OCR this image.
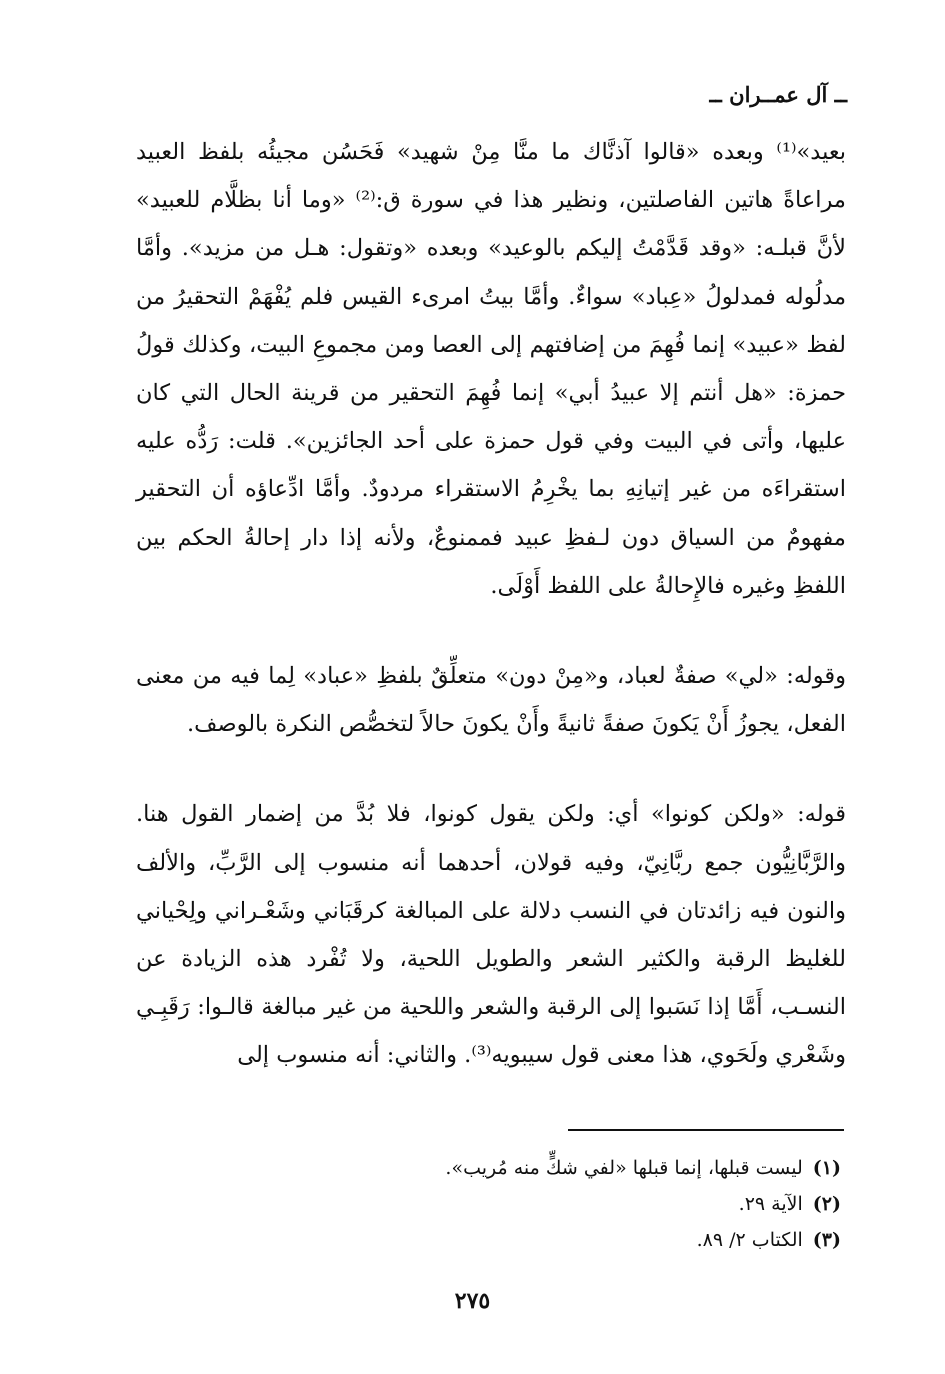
ــ آل عمــران ــ

بعيد»⁽¹⁾ وبعده «قالوا آذنَّاك ما منَّا مِنْ شهيد» فَحَسُن مجيئُه بلفظ العبيد مراعاةً هاتين الفاصلتين، ونظير هذا في سورة ق:⁽²⁾ «وما أنا بظلَّام للعبيد» لأنَّ قبلـه: «وقد قَدَّمْتُ إليكم بالوعيد» وبعده «وتقول: هـل من مزيد». وأمَّا مدلُوله فمدلولُ «عِباد» سواءٌ. وأمَّا بيتُ امرىء القيس فلم يُفْهَمْ التحقيرُ من لفظ «عبيد» إنما فُهِمَ من إضافتهم إلى العصا ومن مجموعِ البيت، وكذلك قولُ حمزة: «هل أنتم إلا عبيدُ أبي» إنما فُهِمَ التحقير من قرينة الحال التي كان عليها، وأتى في البيت وفي قول حمزة على أحد الجائزين». قلت: رَدُّه عليه استقراءَه من غير إتيانِهِ بما يخْرِمُ الاستقراء مردودٌ. وأمَّا ادِّعاؤه أن التحقير مفهومٌ من السياق دون لـفظِ عبيد فممنوعٌ، ولأنه إذا دار إحالةُ الحكم بين اللفظِ وغيره فالإِحالةُ على اللفظ أَوْلَى.

وقوله: «لي» صفةٌ لعباد، و«مِنْ دون» متعلِّقٌ بلفظِ «عباد» لِما فيه من معنى الفعل، يجوزُ أَنْ يَكونَ صفةً ثانيةً وأَنْ يكونَ حالاً لتخصُّص النكرة بالوصف.

قوله: «ولكن كونوا» أي: ولكن يقول كونوا، فلا بُدَّ من إضمار القول هنا. والرَّبَّانِيُّون جمع ربَّانِيّ، وفيه قولان، أحدهما أنه منسوب إلى الرَّبِّ، والألف والنون فيه زائدتان في النسب دلالة على المبالغة كرقَبَاني وشَعْـراني ولِحْياني للغليظ الرقبة والكثير الشعر والطويل اللحية، ولا تُفْرد هذه الزيادة عن النسـب، أَمَّا إذا نَسَبوا إلى الرقبة والشعر واللحية من غير مبالغة قالـوا: رَقَبِـي وشَعْري ولَحَوي، هذا معنى قول سيبويه⁽³⁾. والثاني: أنه منسوب إلى

(١)
ليست قبلها، إنما قبلها «لفي شكٍّ منه مُريب».
(٢)
الآية ٢٩.
(٣)
الكتاب ٢/ ٨٩.
٢٧٥
